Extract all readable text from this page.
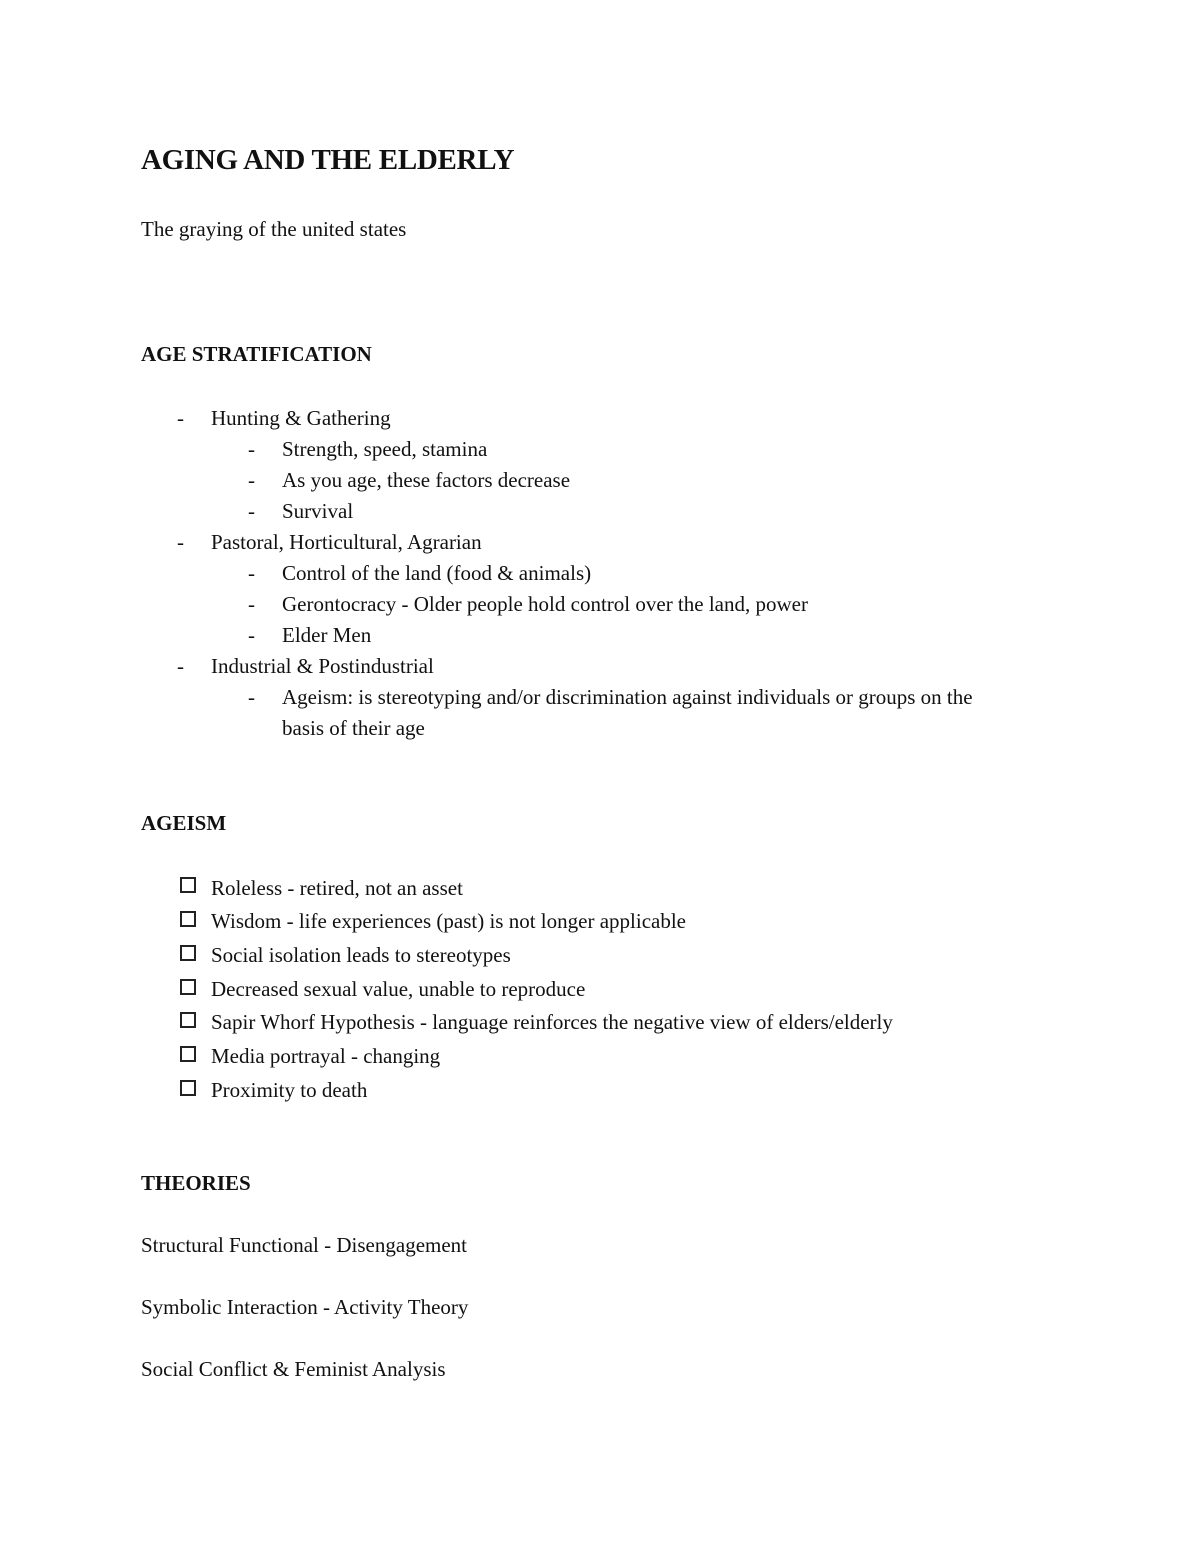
AGING AND THE ELDERLY

The graying of the united states

AGE STRATIFICATION
- Hunting & Gathering
- Strength, speed, stamina
- As you age, these factors decrease
- Survival
- Pastoral, Horticultural, Agrarian
- Control of the land (food & animals)
- Gerontocracy - Older people hold control over the land, power
- Elder Men
- Industrial & Postindustrial
- Ageism: is stereotyping and/or discrimination against individuals or groups on the
basis of their age
AGEISM
Roleless - retired, not an asset
Wisdom - life experiences (past) is not longer applicable
Social isolation leads to stereotypes
Decreased sexual value, unable to reproduce
Sapir Whorf Hypothesis - language reinforces the negative view of elders/elderly
Media portrayal - changing
Proximity to death
THEORIES

Structural Functional - Disengagement

Symbolic Interaction - Activity Theory

Social Conflict & Feminist Analysis
